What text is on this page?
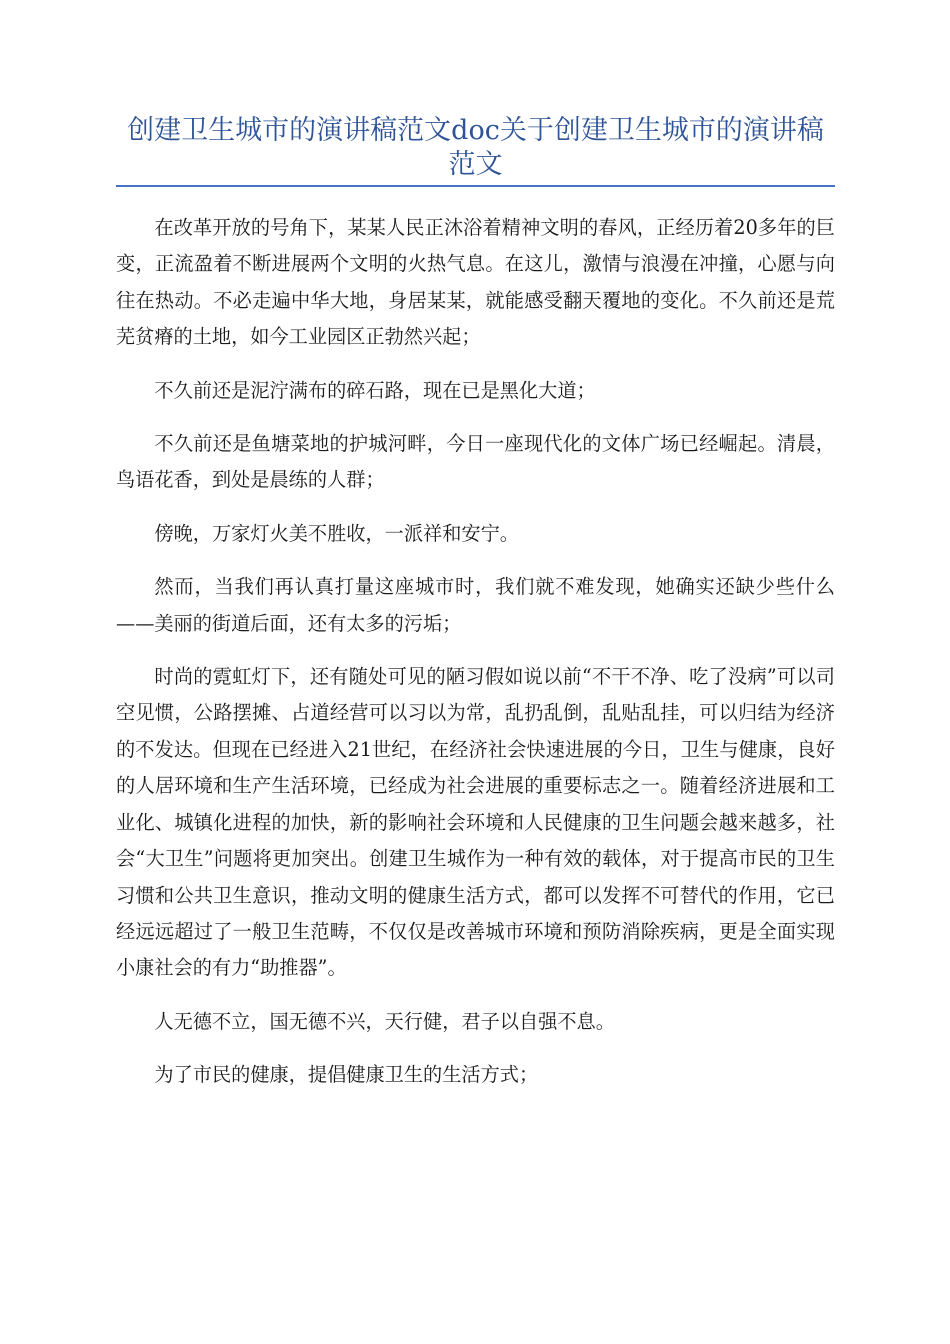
创建卫生城市的演讲稿范文doc关于创建卫生城市的演讲稿范文

在改革开放的号角下，某某人民正沐浴着精神文明的春风，正经历着20多年的巨变，正流盈着不断进展两个文明的火热气息。在这儿，激情与浪漫在冲撞，心愿与向往在热动。不必走遍中华大地，身居某某，就能感受翻天覆地的变化。不久前还是荒芜贫瘠的土地，如今工业园区正勃然兴起；

不久前还是泥泞满布的碎石路，现在已是黑化大道；

不久前还是鱼塘菜地的护城河畔，今日一座现代化的文体广场已经崛起。清晨，鸟语花香，到处是晨练的人群；

傍晚，万家灯火美不胜收，一派祥和安宁。

然而，当我们再认真打量这座城市时，我们就不难发现，她确实还缺少些什么——美丽的街道后面，还有太多的污垢；

时尚的霓虹灯下，还有随处可见的陋习假如说以前“不干不净、吃了没病”可以司空见惯，公路摆摊、占道经营可以习以为常，乱扔乱倒，乱贴乱挂，可以归结为经济的不发达。但现在已经进入21世纪，在经济社会快速进展的今日，卫生与健康，良好的人居环境和生产生活环境，已经成为社会进展的重要标志之一。随着经济进展和工业化、城镇化进程的加快，新的影响社会环境和人民健康的卫生问题会越来越多，社会“大卫生”问题将更加突出。创建卫生城作为一种有效的载体，对于提高市民的卫生习惯和公共卫生意识，推动文明的健康生活方式，都可以发挥不可替代的作用，它已经远远超过了一般卫生范畴，不仅仅是改善城市环境和预防消除疾病，更是全面实现小康社会的有力“助推器”。

人无德不立，国无德不兴，天行健，君子以自强不息。

为了市民的健康，提倡健康卫生的生活方式；
